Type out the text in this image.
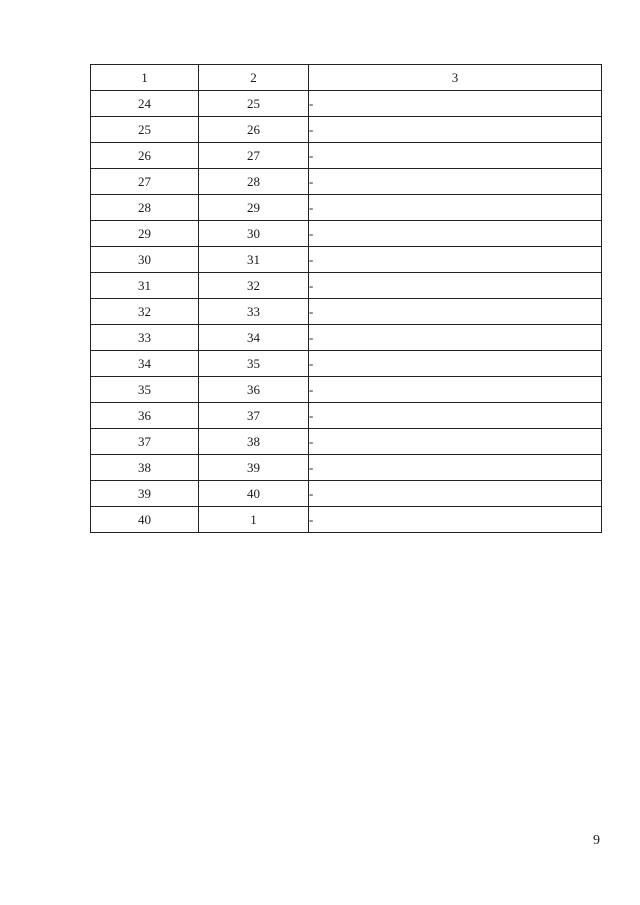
1	2	3
24	25	-
25	26	-
26	27	-
27	28	-
28	29	-
29	30	-
30	31	-
31	32	-
32	33	-
33	34	-
34	35	-
35	36	-
36	37	-
37	38	-
38	39	-
39	40	-
40	1	-
9
